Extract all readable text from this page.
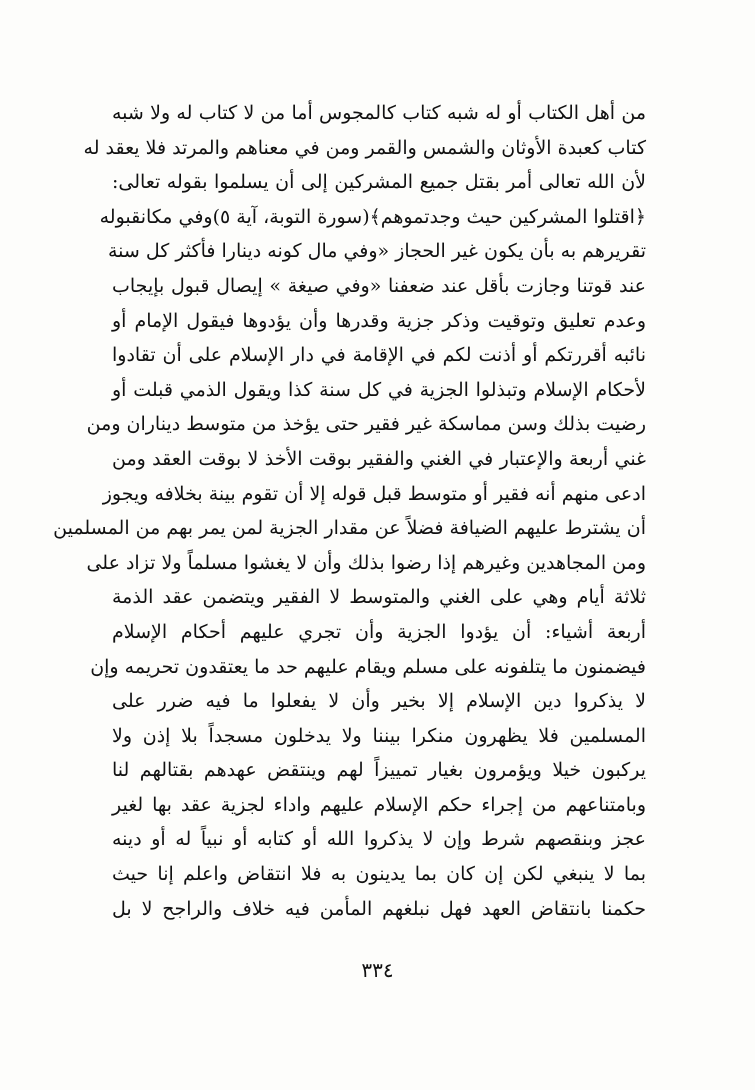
من أهل الكتاب أو له شبه كتاب كالمجوس أما من لا كتاب له ولا شبه
كتاب كعبدة الأوثان والشمس والقمر ومن في معناهم والمرتد فلا يعقد له
لأن الله تعالى أمر بقتل جميع المشركين إلى أن يسلموا بقوله تعالى:
﴿اقتلوا المشركين حيث وجدتموهم﴾(سورة التوبة، آية ٥)وفي مكانقبوله
تقريرهم به بأن يكون غير الحجاز «وفي مال كونه دينارا فأكثر كل سنة
عند قوتنا وجازت بأقل عند ضعفنا «وفي صيغة » إيصال قبول بإيجاب
وعدم تعليق وتوقيت وذكر جزية وقدرها وأن يؤدوها فيقول الإمام أو
نائبه أقررتكم أو أذنت لكم في الإقامة في دار الإسلام على أن تقادوا
لأحكام الإسلام وتبذلوا الجزية في كل سنة كذا ويقول الذمي قبلت أو
رضيت بذلك وسن مماسكة غير فقير حتى يؤخذ من متوسط ديناران ومن
غني أربعة والإعتبار في الغني والفقير بوقت الأخذ لا بوقت العقد ومن
ادعى منهم أنه فقير أو متوسط قبل قوله إلا أن تقوم بينة بخلافه ويجوز
أن يشترط عليهم الضيافة فضلاً عن مقدار الجزية لمن يمر بهم من المسلمين
ومن المجاهدين وغيرهم إذا رضوا بذلك وأن لا يغشوا مسلماً ولا تزاد على
ثلاثة أيام وهي على الغني والمتوسط لا الفقير ويتضمن عقد الذمة
أربعة أشياء: أن يؤدوا الجزية وأن تجري عليهم أحكام الإسلام
فيضمنون ما يتلفونه على مسلم ويقام عليهم حد ما يعتقدون تحريمه وإن
لا يذكروا دين الإسلام إلا بخير وأن لا يفعلوا ما فيه ضرر على
المسلمين فلا يظهرون منكرا بيننا ولا يدخلون مسجداً بلا إذن ولا
يركبون خيلا ويؤمرون بغيار تمييزاً لهم وينتقض عهدهم بقتالهم لنا
وبامتناعهم من إجراء حكم الإسلام عليهم واداء لجزية عقد بها لغير
عجز وبنقصهم شرط وإن لا يذكروا الله أو كتابه أو نبياً له أو دينه
بما لا ينبغي لكن إن كان بما يدينون به فلا انتقاض واعلم إنا حيث
حكمنا بانتقاض العهد فهل نبلغهم المأمن فيه خلاف والراجح لا بل
٣٣٤
